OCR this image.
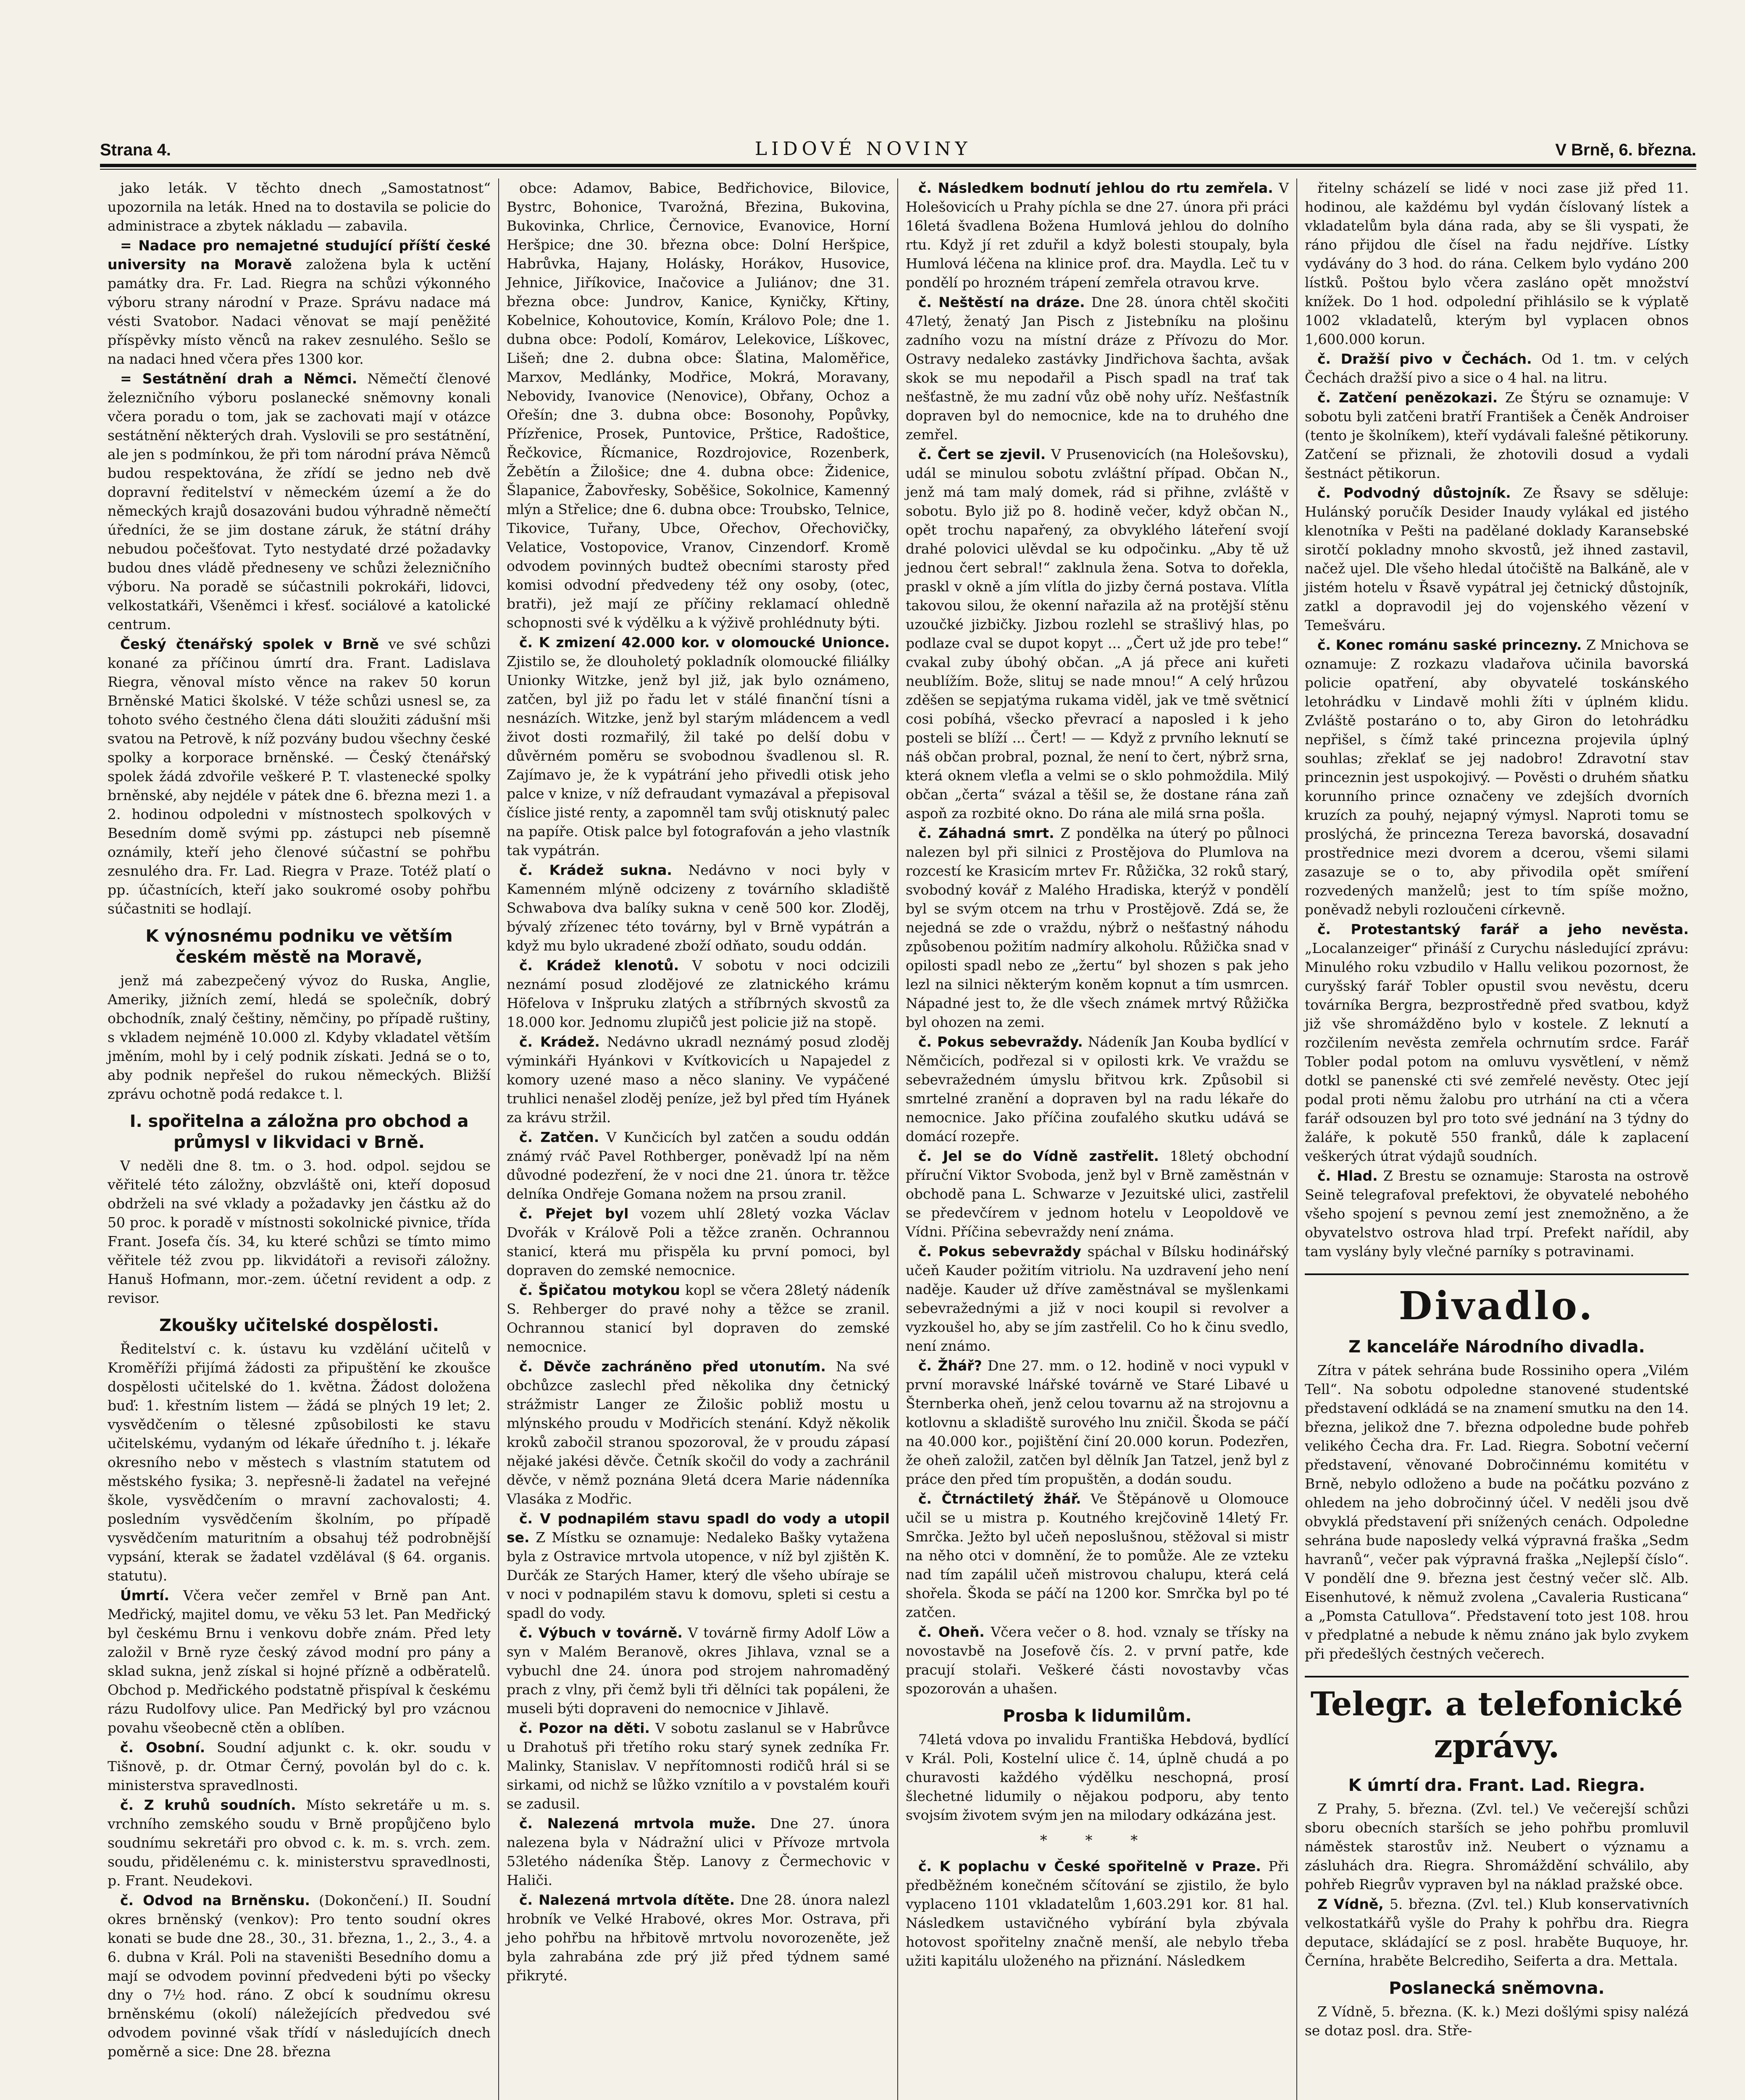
Strana 4.	LIDOVÉ NOVINY	V Brně, 6. března.

jako leták. V těchto dnech „Samostatnost“ upozornila na leták. Hned na to dostavila se policie do administrace a zbytek nákladu — zabavila.

= Nadace pro nemajetné studující příští české university na Moravě založena byla k uctění památky dra. Fr. Lad. Riegra na schůzi výkonného výboru strany národní v Praze. Správu nadace má vésti Svatobor. Nadaci věnovat se mají peněžité příspěvky místo věnců na rakev zesnulého. Sešlo se na nadaci hned včera přes 1300 kor.

= Sestátnění drah a Němci. Němečtí členové železničního výboru poslanecké sněmovny konali včera poradu o tom, jak se zachovati mají v otázce sestátnění některých drah. Vyslovili se pro sestátnění, ale jen s podmínkou, že při tom národní práva Němců budou respektována, že zřídí se jedno neb dvě dopravní ředitelství v německém území a že do německých krajů dosazováni budou výhradně němečtí úředníci, že se jim dostane záruk, že státní dráhy nebudou počešťovat. Tyto nestydaté drzé požadavky budou dnes vládě předneseny ve schůzi železničního výboru. Na poradě se súčastnili pokrokáři, lidovci, velkostatkáři, Všeněmci i křesť. sociálové a katolické centrum.

Český čtenářský spolek v Brně ve své schůzi konané za příčinou úmrtí dra. Frant. Ladislava Riegra, věnoval místo věnce na rakev 50 korun Brněnské Matici školské. V téže schůzi usnesl se, za tohoto svého čestného člena dáti sloužiti zádušní mši svatou na Petrově, k níž pozvány budou všechny české spolky a korporace brněnské. — Český čtenářský spolek žádá zdvořile veškeré P. T. vlastenecké spolky brněnské, aby nejdéle v pátek dne 6. března mezi 1. a 2. hodinou odpoledni v místnostech spolkových v Besedním domě svými pp. zástupci neb písemně oznámily, kteří jeho členové súčastní se pohřbu zesnulého dra. Fr. Lad. Riegra v Praze. Totéž platí o pp. účastnících, kteří jako soukromé osoby pohřbu súčastniti se hodlají.

K výnosnému podniku ve větším českém městě na Moravě,

jenž má zabezpečený vývoz do Ruska, Anglie, Ameriky, jižních zemí, hledá se společník, dobrý obchodník, znalý češtiny, němčiny, po případě ruštiny, s vkladem nejméně 10.000 zl. Kdyby vkladatel větším jměním, mohl by i celý podnik získati. Jedná se o to, aby podnik nepřešel do rukou německých. Bližší zprávu ochotně podá redakce t. l.

I. spořitelna a záložna pro obchod a průmysl v likvidaci v Brně.

V neděli dne 8. tm. o 3. hod. odpol. sejdou se věřitelé této záložny, obzvláště oni, kteří doposud obdrželi na své vklady a požadavky jen částku až do 50 proc. k poradě v místnosti sokolnické pivnice, třída Frant. Josefa čís. 34, ku které schůzi se tímto mimo věřitele též zvou pp. likvidátoři a revisoři záložny. Hanuš Hofmann, mor.-zem. účetní revident a odp. z revisor.

Zkoušky učitelské dospělosti.

Ředitelství c. k. ústavu ku vzdělání učitelů v Kroměříži přijímá žádosti za připuštění ke zkoušce dospělosti učitelské do 1. května. Žádost doložena buď: 1. křestním listem — žádá se plných 19 let; 2. vysvědčením o tělesné způsobilosti ke stavu učitelskému, vydaným od lékaře úředního t. j. lékaře okresního nebo v městech s vlastním statutem od městského fysika; 3. nepřesně-li žadatel na veřejné škole, vysvědčením o mravní zachovalosti; 4. posledním vysvědčením školním, po případě vysvědčením maturitním a obsahuj též podrobnější vypsání, kterak se žadatel vzdělával (§ 64. organis. statutu).

Úmrtí. Včera večer zemřel v Brně pan Ant. Medřický, majitel domu, ve věku 53 let. Pan Medřický byl českému Brnu i venkovu dobře znám. Před lety založil v Brně ryze český závod modní pro pány a sklad sukna, jenž získal si hojné přízně a odběratelů. Obchod p. Medřického podstatně přispíval k českému rázu Rudolfovy ulice. Pan Medřický byl pro vzácnou povahu všeobecně ctěn a oblíben.

č. Osobní. Soudní adjunkt c. k. okr. soudu v Tišnově, p. dr. Otmar Černý, povolán byl do c. k. ministerstva spravedlnosti.

č. Z kruhů soudních. Místo sekretáře u m. s. vrchního zemského soudu v Brně propůjčeno bylo soudnímu sekretáři pro obvod c. k. m. s. vrch. zem. soudu, přidělenému c. k. ministerstvu spravedlnosti, p. Frant. Neudekovi.

č. Odvod na Brněnsku. (Dokončení.) II. Soudní okres brněnský (venkov): Pro tento soudní okres konati se bude dne 28., 30., 31. března, 1., 2., 3., 4. a 6. dubna v Král. Poli na staveništi Besedního domu a mají se odvodem povinní předvedeni býti po všecky dny o 7½ hod. ráno. Z obcí k soudnímu okresu brněnskému (okolí) náležejících předvedou své odvodem povinné však třídí v následujících dnech poměrně a sice: Dne 28. března

obce: Adamov, Babice, Bedřichovice, Bilovice, Bystrc, Bohonice, Tvarožná, Březina, Bukovina, Bukovinka, Chrlice, Černovice, Evanovice, Horní Heršpice; dne 30. března obce: Dolní Heršpice, Habrůvka, Hajany, Holásky, Horákov, Husovice, Jehnice, Jiříkovice, Inačovice a Juliánov; dne 31. března obce: Jundrov, Kanice, Kyničky, Křtiny, Kobelnice, Kohoutovice, Komín, Královo Pole; dne 1. dubna obce: Podolí, Komárov, Lelekovice, Líškovec, Lišeň; dne 2. dubna obce: Šlatina, Maloměřice, Marxov, Medlánky, Modřice, Mokrá, Moravany, Nebovidy, Ivanovice (Nenovice), Obřany, Ochoz a Ořešín; dne 3. dubna obce: Bosonohy, Popůvky, Přízřenice, Prosek, Puntovice, Prštice, Radoštice, Řečkovice, Řícmanice, Rozdrojovice, Rozenberk, Žebětín a Žilošice; dne 4. dubna obce: Židenice, Šlapanice, Žabovřesky, Soběšice, Sokolnice, Kamenný mlýn a Střelice; dne 6. dubna obce: Troubsko, Telnice, Tikovice, Tuřany, Ubce, Ořechov, Ořechovičky, Velatice, Vostopovice, Vranov, Cinzendorf. Kromě odvodem povinných budtež obecními starosty před komisi odvodní předvedeny též ony osoby, (otec, bratři), jež mají ze příčiny reklamací ohledně schopnosti své k výdělku a k výživě prohlédnuty býti.

č. K zmizení 42.000 kor. v olomoucké Unionce. Zjistilo se, že dlouholetý pokladník olomoucké filiálky Unionky Witzke, jenž byl již, jak bylo oznámeno, zatčen, byl již po řadu let v stálé finanční tísni a nesnázích. Witzke, jenž byl starým mládencem a vedl život dosti rozmařilý, žil také po delší dobu v důvěrném poměru se svobodnou švadlenou sl. R. Zajímavo je, že k vypátrání jeho přivedli otisk jeho palce v knize, v níž defraudant vymazával a přepisoval číslice jisté renty, a zapomněl tam svůj otisknutý palec na papíře. Otisk palce byl fotografován a jeho vlastník tak vypátrán.

č. Krádež sukna. Nedávno v noci byly v Kamenném mlýně odcizeny z továrního skladiště Schwabova dva balíky sukna v ceně 500 kor. Zloděj, bývalý zřízenec této továrny, byl v Brně vypátrán a když mu bylo ukradené zboží odňato, soudu oddán.

č. Krádež klenotů. V sobotu v noci odcizili neznámí posud zlodějové ze zlatnického krámu Höfelova v Inšpruku zlatých a stříbrných skvostů za 18.000 kor. Jednomu zlupičů jest policie již na stopě.

č. Krádež. Nedávno ukradl neznámý posud zloděj výminkáři Hyánkovi v Kvítkovicích u Napajedel z komory uzené maso a něco slaniny. Ve vypáčené truhlici nenašel zloděj peníze, jež byl před tím Hyánek za krávu stržil.

č. Zatčen. V Kunčicích byl zatčen a soudu oddán známý rváč Pavel Rothberger, poněvadž lpí na něm důvodné podezření, že v noci dne 21. února tr. těžce delníka Ondřeje Gomana nožem na prsou zranil.

č. Přejet byl vozem uhlí 28letý vozka Václav Dvořák v Králově Poli a těžce zraněn. Ochrannou stanicí, která mu přispěla ku první pomoci, byl dopraven do zemské nemocnice.

č. Špičatou motykou kopl se včera 28letý nádeník S. Rehberger do pravé nohy a těžce se zranil. Ochrannou stanicí byl dopraven do zemské nemocnice.

č. Děvče zachráněno před utonutím. Na své obchůzce zaslechl před několika dny četnický strážmistr Langer ze Žilošic pobliž mostu u mlýnského proudu v Modřicích stenání. Když několik kroků zabočil stranou spozoroval, že v proudu zápasí nějaké jakési děvče. Četník skočil do vody a zachránil děvče, v němž poznána 9letá dcera Marie nádenníka Vlasáka z Modřic.

č. V podnapilém stavu spadl do vody a utopil se. Z Místku se oznamuje: Nedaleko Bašky vytažena byla z Ostravice mrtvola utopence, v níž byl zjištěn K. Durčák ze Starých Hamer, který dle všeho ubíraje se v noci v podnapilém stavu k domovu, spleti si cestu a spadl do vody.

č. Výbuch v továrně. V továrně firmy Adolf Löw a syn v Malém Beranově, okres Jihlava, vznal se a vybuchl dne 24. února pod strojem nahromaděný prach z vlny, při čemž byli tři dělníci tak popáleni, že museli býti dopraveni do nemocnice v Jihlavě.

č. Pozor na děti. V sobotu zaslanul se v Habrůvce u Drahotuš při třetího roku starý synek zedníka Fr. Malinky, Stanislav. V nepřítomnosti rodičů hrál si se sirkami, od nichž se lůžko vznítilo a v povstalém kouři se zadusil.

č. Nalezená mrtvola muže. Dne 27. února nalezena byla v Nádražní ulici v Přívoze mrtvola 53letého nádeníka Štěp. Lanovy z Čermechovic v Haliči.

č. Nalezená mrtvola dítěte. Dne 28. února nalezl hrobník ve Velké Hrabové, okres Mor. Ostrava, při jeho pohřbu na hřbitově mrtvolu novorozeněte, jež byla zahrabána zde prý již před týdnem samé přikryté.

č. Následkem bodnutí jehlou do rtu zemřela. V Holešovicích u Prahy píchla se dne 27. února při práci 16letá švadlena Božena Humlová jehlou do dolního rtu. Když jí ret zduřil a když bolesti stoupaly, byla Humlová léčena na klinice prof. dra. Maydla. Leč tu v pondělí po hrozném trápení zemřela otravou krve.

č. Neštěstí na dráze. Dne 28. února chtěl skočiti 47letý, ženatý Jan Pisch z Jistebníku na plošinu zadního vozu na místní dráze z Přívozu do Mor. Ostravy nedaleko zastávky Jindřichova šachta, avšak skok se mu nepodařil a Pisch spadl na trať tak nešťastně, že mu zadní vůz obě nohy uříz. Nešťastník dopraven byl do nemocnice, kde na to druhého dne zemřel.

č. Čert se zjevil. V Prusenovicích (na Holešovsku), udál se minulou sobotu zvláštní případ. Občan N., jenž má tam malý domek, rád si přihne, zvláště v sobotu. Bylo již po 8. hodině večer, když občan N., opět trochu napařený, za obvyklého láteření svojí drahé polovici ulěvdal se ku odpočinku. „Aby tě už jednou čert sebral!“ zaklnula žena. Sotva to dořekla, praskl v okně a jím vlítla do jizby černá postava. Vlítla takovou silou, že okenní nařazila až na protější stěnu uzoučké jizbičky. Jizbou rozlehl se strašlivý hlas, po podlaze cval se dupot kopyt ... „Čert už jde pro tebe!“ cvakal zuby úbohý občan. „A já přece ani kuřeti neublížím. Bože, slituj se nade mnou!“ A celý hrůzou zděšen se sepjatýma rukama viděl, jak ve tmě světnicí cosi pobíhá, všecko převrací a naposled i k jeho posteli se blíží ... Čert! — — Když z prvního leknutí se náš občan probral, poznal, že není to čert, nýbrž srna, která oknem vleťla a velmi se o sklo pohmoždila. Milý občan „čerta“ svázal a těšil se, že dostane rána zaň aspoň za rozbité okno. Do rána ale milá srna pošla.

č. Záhadná smrt. Z pondělka na úterý po půlnoci nalezen byl při silnici z Prostějova do Plumlova na rozcestí ke Krasicím mrtev Fr. Růžička, 32 roků starý, svobodný kovář z Malého Hradiska, kterýž v pondělí byl se svým otcem na trhu v Prostějově. Zdá se, že nejedná se zde o vraždu, nýbrž o nešťastný náhodu způsobenou požitím nadmíry alkoholu. Růžička snad v opilosti spadl nebo ze „žertu“ byl shozen s pak jeho lezl na silnici některým koněm kopnut a tím usmrcen. Nápadné jest to, že dle všech známek mrtvý Růžička byl ohozen na zemi.

č. Pokus sebevraždy. Nádeník Jan Kouba bydlící v Němčicích, podřezal si v opilosti krk. Ve vraždu se sebevražedném úmyslu břitvou krk. Způsobil si smrtelné zranění a dopraven byl na radu lékaře do nemocnice. Jako příčina zoufalého skutku udává se domácí rozepře.

č. Jel se do Vídně zastřelit. 18letý obchodní příruční Viktor Svoboda, jenž byl v Brně zaměstnán v obchodě pana L. Schwarze v Jezuitské ulici, zastřelil se předevčírem v jednom hotelu v Leopoldově ve Vídni. Příčina sebevraždy není známa.

č. Pokus sebevraždy spáchal v Bílsku hodinářský učeň Kauder požitím vitriolu. Na uzdravení jeho není naděje. Kauder už dříve zaměstnával se myšlenkami sebevražednými a již v noci koupil si revolver a vyzkoušel ho, aby se jím zastřelil. Co ho k činu svedlo, není známo.

č. Žhář? Dne 27. mm. o 12. hodině v noci vypukl v první moravské lnářské továrně ve Staré Libavé u Šternberka oheň, jenž celou tovarnu až na strojovnu a kotlovnu a skladiště surového lnu zničil. Škoda se páčí na 40.000 kor., pojištění činí 20.000 korun. Podezřen, že oheň založil, zatčen byl dělník Jan Tatzel, jenž byl z práce den před tím propuštěn, a dodán soudu.

č. Čtrnáctiletý žhář. Ve Štěpánově u Olomouce učil se u mistra p. Koutného krejčovině 14letý Fr. Smrčka. Ježto byl učeň neposlušnou, stěžoval si mistr na něho otci v domnění, že to pomůže. Ale ze vzteku nad tím zapálil učeň mistrovou chalupu, která celá shořela. Škoda se páčí na 1200 kor. Smrčka byl po té zatčen.

č. Oheň. Včera večer o 8. hod. vznaly se třísky na novostavbě na Josefově čís. 2. v první patře, kde pracují stolaři. Veškeré části novostavby včas spozorován a uhašen.

Prosba k lidumilům.

74letá vdova po invalidu Františka Hebdová, bydlící v Král. Poli, Kostelní ulice č. 14, úplně chudá a po churavosti každého výdělku neschopná, prosí šlechetné lidumily o nějakou podporu, aby tento svojsím životem svým jen na milodary odkázána jest.

* * *

č. K poplachu v České spořitelně v Praze. Při předběžném konečném sčítování se zjistilo, že bylo vyplaceno 1101 vkladatelům 1,603.291 kor. 81 hal. Následkem ustavičného vybírání byla zbývala hotovost spořitelny značně menší, ale nebylo třeba užiti kapitálu uloženého na přiznání. Následkem

řitelny scházelí se lidé v noci zase již před 11. hodinou, ale každému byl vydán číslovaný lístek a vkladatelům byla dána rada, aby se šli vyspati, že ráno přijdou dle čísel na řadu nejdříve. Lístky vydávány do 3 hod. do rána. Celkem bylo vydáno 200 lístků. Poštou bylo včera zasláno opět množství knížek. Do 1 hod. odpolední přihlásilo se k výplatě 1002 vkladatelů, kterým byl vyplacen obnos 1,600.000 korun.

č. Dražší pivo v Čechách. Od 1. tm. v celých Čechách dražší pivo a sice o 4 hal. na litru.

č. Zatčení penězokazi. Ze Štýru se oznamuje: V sobotu byli zatčeni bratří František a Čeněk Androiser (tento je školníkem), kteří vydávali falešné pětikoruny. Zatčení se přiznali, že zhotovili dosud a vydali šestnáct pětikorun.

č. Podvodný důstojník. Ze Řsavy se sděluje: Hulánský poručík Desider Inaudy vylákal ed jistého klenotníka v Pešti na padělané doklady Karansebské sirotčí pokladny mnoho skvostů, jež ihned zastavil, načež ujel. Dle všeho hledal útočiště na Balkáně, ale v jistém hotelu v Řsavě vypátral jej četnický důstojník, zatkl a dopravodil jej do vojenského vězení v Temešváru.

č. Konec románu saské princezny. Z Mnichova se oznamuje: Z rozkazu vladařova učinila bavorská policie opatření, aby obyvatelé toskánského letohrádku v Lindavě mohli žíti v úplném klidu. Zvláště postaráno o to, aby Giron do letohrádku nepřišel, s čímž také princezna projevila úplný souhlas; zřeklať se jej nadobro! Zdravotní stav princeznin jest uspokojivý. — Pověsti o druhém sňatku korunního prince označeny ve zdejších dvorních kruzích za pouhý, nejapný výmysl. Naproti tomu se proslýchá, že princezna Tereza bavorská, dosavadní prostřednice mezi dvorem a dcerou, všemi silami zasazuje se o to, aby přivodila opět smíření rozvedených manželů; jest to tím spíše možno, poněvadž nebyli rozloučeni církevně.

č. Protestantský farář a jeho nevěsta. „Localanzeiger“ přináší z Curychu následující zprávu: Minulého roku vzbudilo v Hallu velikou pozornost, že curyšský farář Tobler opustil svou nevěstu, dceru továrníka Bergra, bezprostředně před svatbou, když již vše shromážděno bylo v kostele. Z leknutí a rozčilením nevěsta zemřela ochrnutím srdce. Farář Tobler podal potom na omluvu vysvětlení, v němž dotkl se panenské cti své zemřelé nevěsty. Otec její podal proti němu žalobu pro utrhání na cti a včera farář odsouzen byl pro toto své jednání na 3 týdny do žaláře, k pokutě 550 franků, dále k zaplacení veškerých útrat výdajů soudních.

č. Hlad. Z Brestu se oznamuje: Starosta na ostrově Seině telegrafoval prefektovi, že obyvatelé nebohého všeho spojení s pevnou zemí jest znemožněno, a že obyvatelstvo ostrova hlad trpí. Prefekt nařídil, aby tam vyslány byly vlečné parníky s potravinami.

Divadlo.
Z kanceláře Národního divadla.

Zítra v pátek sehrána bude Rossiniho opera „Vilém Tell“. Na sobotu odpoledne stanovené studentské představení odkládá se na znamení smutku na den 14. března, jelikož dne 7. března odpoledne bude pohřeb velikého Čecha dra. Fr. Lad. Riegra. Sobotní večerní představení, věnované Dobročinnému komitétu v Brně, nebylo odloženo a bude na počátku pozváno z ohledem na jeho dobročinný účel. V neděli jsou dvě obvyklá představení při snížených cenách. Odpoledne sehrána bude naposledy velká výpravná fraška „Sedm havranů“, večer pak výpravná fraška „Nejlepší číslo“. V pondělí dne 9. března jest čestný večer slč. Alb. Eisenhutové, k němuž zvolena „Cavaleria Rusticana“ a „Pomsta Catullova“. Představení toto jest 108. hrou v předplatné a nebude k němu znáno jak bylo zvykem při předešlých čestných večerech.

Telegr. a telefonické zprávy.
K úmrtí dra. Frant. Lad. Riegra.

Z Prahy, 5. března. (Zvl. tel.) Ve večerejší schůzi sboru obecních starších se jeho pohřbu promluvil náměstek starostův inž. Neubert o významu a zásluhách dra. Riegra. Shromáždění schválilo, aby pohřeb Riegrův vypraven byl na náklad pražské obce.

Z Vídně, 5. března. (Zvl. tel.) Klub konservativních velkostatkářů vyšle do Prahy k pohřbu dra. Riegra deputace, skládající se z posl. hraběte Buquoye, hr. Černína, hraběte Belcrediho, Seiferta a dra. Mettala.

Poslanecká sněmovna.

Z Vídně, 5. března. (K. k.) Mezi došlými spisy nalézá se dotaz posl. dra. Stře-
